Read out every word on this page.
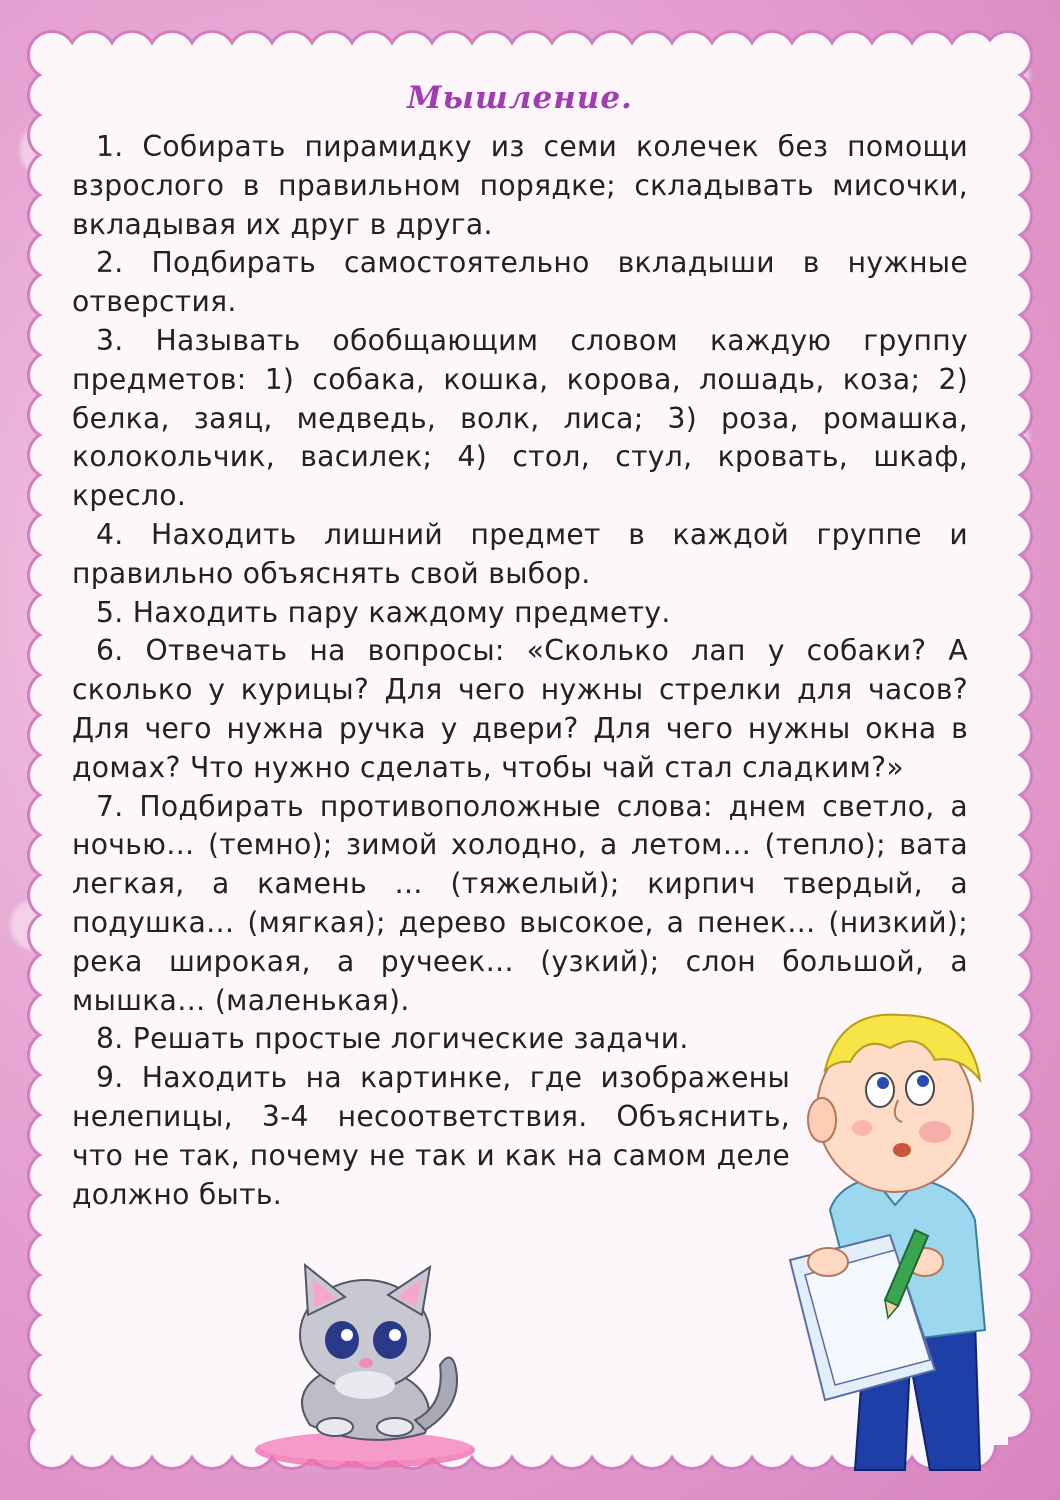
Мышление.

1. Собирать пирамидку из семи колечек без помощи взрослого в правильном порядке; складывать мисочки, вкладывая их друг в друга.

2. Подбирать самостоятельно вкладыши в нужные отверстия.

3. Называть обобщающим словом каждую группу предметов: 1) собака, кошка, корова, лошадь, коза; 2) белка, заяц, медведь, волк, лиса; 3) роза, ромашка, колокольчик, василек; 4) стол, стул, кровать, шкаф, кресло.

4. Находить лишний предмет в каждой группе и правильно объяснять свой выбор.

5. Находить пару каждому предмету.

6. Отвечать на вопросы: «Сколько лап у собаки? А сколько у курицы? Для чего нужны стрелки для часов? Для чего нужна ручка у двери? Для чего нужны окна в домах? Что нужно сделать, чтобы чай стал сладким?»

7. Подбирать противоположные слова: днем светло, а ночью… (темно); зимой холодно, а летом… (тепло); вата легкая, а камень … (тяжелый); кирпич твердый, а подушка… (мягкая); дерево высокое, а пенек… (низкий); река широкая, а ручеек… (узкий); слон большой, а мышка… (маленькая).

8. Решать простые логические задачи.

9. Находить на картинке, где изображены нелепицы, 3-4 несоответствия. Объяснить, что не так, почему не так и как на самом деле должно быть.
